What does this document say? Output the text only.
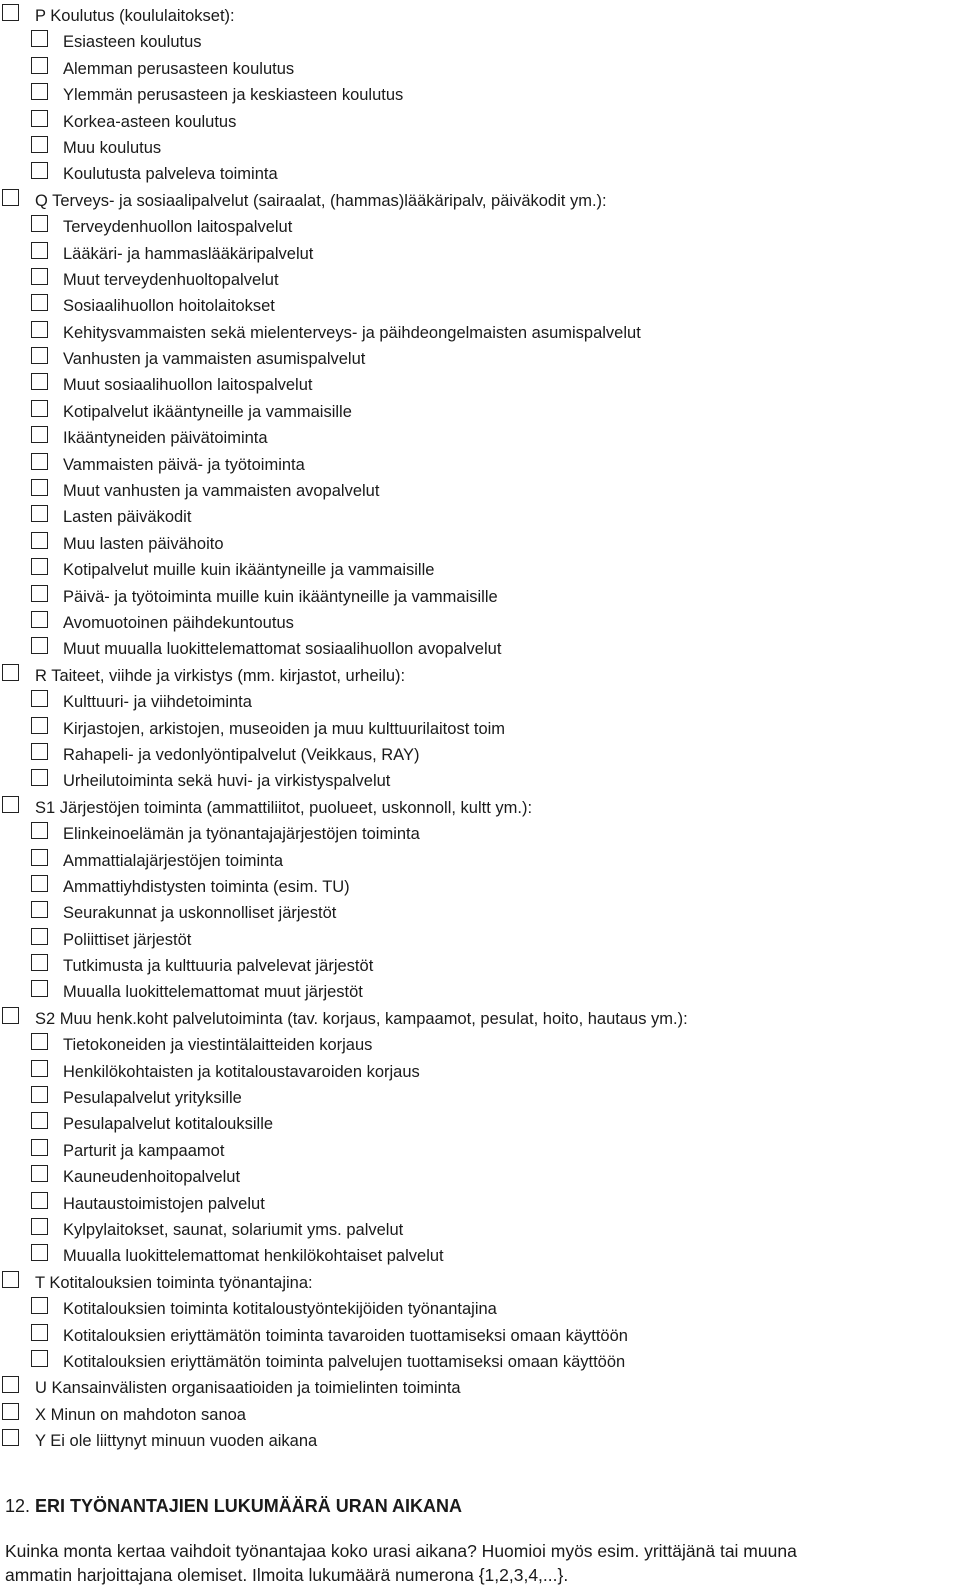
P Koulutus (koululaitokset):
Esiasteen koulutus
Alemman perusasteen koulutus
Ylemmän perusasteen ja keskiasteen koulutus
Korkea-asteen koulutus
Muu koulutus
Koulutusta palveleva toiminta
Q Terveys- ja sosiaalipalvelut (sairaalat, (hammas)lääkäripalv, päiväkodit ym.):
Terveydenhuollon laitospalvelut
Lääkäri- ja hammaslääkäripalvelut
Muut terveydenhuoltopalvelut
Sosiaalihuollon hoitolaitokset
Kehitysvammaisten sekä mielenterveys- ja päihdeongelmaisten asumispalvelut
Vanhusten ja vammaisten asumispalvelut
Muut sosiaalihuollon laitospalvelut
Kotipalvelut ikääntyneille ja vammaisille
Ikääntyneiden päivätoiminta
Vammaisten päivä- ja työtoiminta
Muut vanhusten ja vammaisten avopalvelut
Lasten päiväkodit
Muu lasten päivähoito
Kotipalvelut muille kuin ikääntyneille ja vammaisille
Päivä- ja työtoiminta muille kuin ikääntyneille ja vammaisille
Avomuotoinen päihdekuntoutus
Muut muualla luokittelemattomat sosiaalihuollon avopalvelut
R Taiteet, viihde ja virkistys (mm. kirjastot, urheilu):
Kulttuuri- ja viihdetoiminta
Kirjastojen, arkistojen, museoiden ja muu kulttuurilaitost toim
Rahapeli- ja vedonlyöntipalvelut (Veikkaus, RAY)
Urheilutoiminta sekä huvi- ja virkistyspalvelut
S1 Järjestöjen toiminta (ammattiliitot, puolueet, uskonnoll, kultt ym.):
Elinkeinoelämän ja työnantajajärjestöjen toiminta
Ammattialajärjestöjen toiminta
Ammattiyhdistysten toiminta (esim. TU)
Seurakunnat ja uskonnolliset järjestöt
Poliittiset järjestöt
Tutkimusta ja kulttuuria palvelevat järjestöt
Muualla luokittelemattomat muut järjestöt
S2 Muu henk.koht palvelutoiminta (tav. korjaus, kampaamot, pesulat, hoito, hautaus ym.):
Tietokoneiden ja viestintälaitteiden korjaus
Henkilökohtaisten ja kotitaloustavaroiden korjaus
Pesulapalvelut yrityksille
Pesulapalvelut kotitalouksille
Parturit ja kampaamot
Kauneudenhoitopalvelut
Hautaustoimistojen palvelut
Kylpylaitokset, saunat, solariumit yms. palvelut
Muualla luokittelemattomat henkilökohtaiset palvelut
T Kotitalouksien toiminta työnantajina:
Kotitalouksien toiminta kotitaloustyöntekijöiden työnantajina
Kotitalouksien eriyttämätön toiminta tavaroiden tuottamiseksi omaan käyttöön
Kotitalouksien eriyttämätön toiminta palvelujen tuottamiseksi omaan käyttöön
U Kansainvälisten organisaatioiden ja toimielinten toiminta
X Minun on mahdoton sanoa
Y Ei ole liittynyt minuun vuoden aikana
12. ERI TYÖNANTAJIEN LUKUMÄÄRÄ URAN AIKANA
Kuinka monta kertaa vaihdoit työnantajaa koko urasi aikana? Huomioi myös esim. yrittäjänä tai muuna
ammatin harjoittajana olemiset. Ilmoita lukumäärä numerona {1,2,3,4,...}.
